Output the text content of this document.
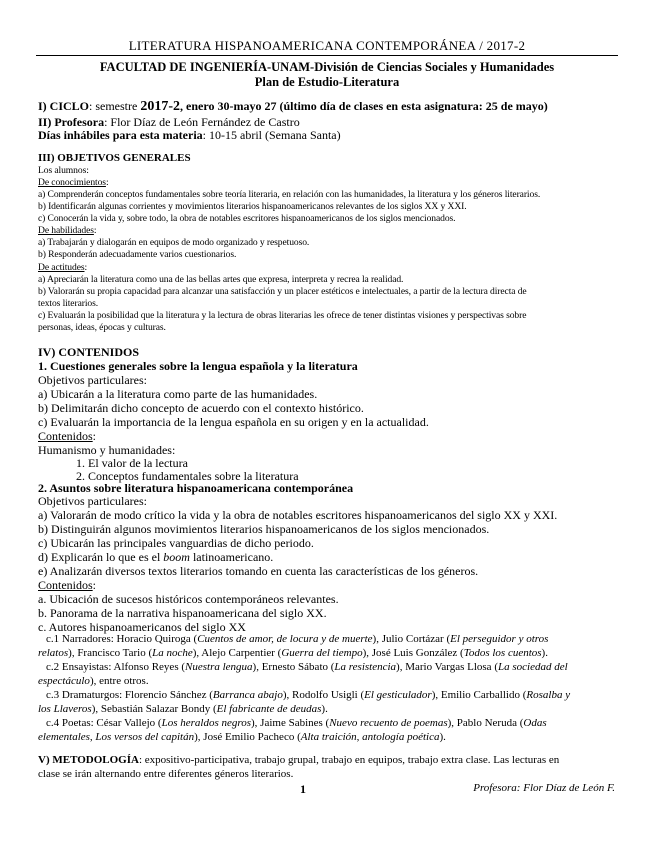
LITERATURA HISPANOAMERICANA CONTEMPORÁNEA / 2017-2
FACULTAD DE INGENIERÍA-UNAM-División de Ciencias Sociales y Humanidades
Plan de Estudio-Literatura
I) CICLO: semestre 2017-2, enero 30-mayo 27 (último día de clases en esta asignatura: 25 de mayo)
II) Profesora: Flor Díaz de León Fernández de Castro
Días inhábiles para esta materia: 10-15 abril (Semana Santa)
III) OBJETIVOS GENERALES
Los alumnos:
De conocimientos:
a) Comprenderán conceptos fundamentales sobre teoría literaria, en relación con las humanidades, la literatura y los géneros literarios.
b) Identificarán algunas corrientes y movimientos literarios hispanoamericanos relevantes de los siglos XX y XXI.
c) Conocerán la vida y, sobre todo, la obra de notables escritores hispanoamericanos de los siglos mencionados.
De habilidades:
a) Trabajarán y dialogarán en equipos de modo organizado y respetuoso.
b) Responderán adecuadamente varios cuestionarios.
De actitudes:
a) Apreciarán la literatura como una de las bellas artes que expresa, interpreta y recrea la realidad.
b) Valorarán su propia capacidad para alcanzar una satisfacción y un placer estéticos e intelectuales, a partir de la lectura directa de
textos literarios.
c) Evaluarán la posibilidad que la literatura y la lectura de obras literarias les ofrece de tener distintas visiones y perspectivas sobre
personas, ideas, épocas y culturas.
IV) CONTENIDOS
1. Cuestiones generales sobre la lengua española y la literatura
Objetivos particulares:
a) Ubicarán a la literatura como parte de las humanidades.
b) Delimitarán dicho concepto de acuerdo con el contexto histórico.
c) Evaluarán la importancia de la lengua española en su origen y en la actualidad.
Contenidos:
Humanismo y humanidades:
1. El valor de la lectura
2. Conceptos fundamentales sobre la literatura
2. Asuntos sobre literatura hispanoamericana contemporánea
Objetivos particulares:
a) Valorarán de modo crítico la vida y la obra de notables escritores hispanoamericanos del siglo XX y XXI.
b) Distinguirán algunos movimientos literarios hispanoamericanos de los siglos mencionados.
c) Ubicarán las principales vanguardias de dicho periodo.
d) Explicarán lo que es el boom latinoamericano.
e) Analizarán diversos textos literarios tomando en cuenta las características de los géneros.
Contenidos:
a. Ubicación de sucesos históricos contemporáneos relevantes.
b. Panorama de la narrativa hispanoamericana del siglo XX.
c. Autores hispanoamericanos del siglo XX
c.1 Narradores: Horacio Quiroga (Cuentos de amor, de locura y de muerte), Julio Cortázar (El perseguidor y otros
relatos), Francisco Tario (La noche), Alejo Carpentier (Guerra del tiempo), José Luis González (Todos los cuentos).
c.2 Ensayistas: Alfonso Reyes (Nuestra lengua), Ernesto Sábato (La resistencia), Mario Vargas Llosa (La sociedad del
espectáculo), entre otros.
c.3 Dramaturgos: Florencio Sánchez (Barranca abajo), Rodolfo Usigli (El gesticulador), Emilio Carballido (Rosalba y
los Llaveros), Sebastián Salazar Bondy (El fabricante de deudas).
c.4 Poetas: César Vallejo (Los heraldos negros), Jaime Sabines (Nuevo recuento de poemas), Pablo Neruda (Odas
elementales, Los versos del capitán), José Emilio Pacheco (Alta traición, antología poética).
V) METODOLOGÍA: expositivo-participativa, trabajo grupal, trabajo en equipos, trabajo extra clase. Las lecturas en
clase se irán alternando entre diferentes géneros literarios.
1	Profesora: Flor Díaz de León F.
